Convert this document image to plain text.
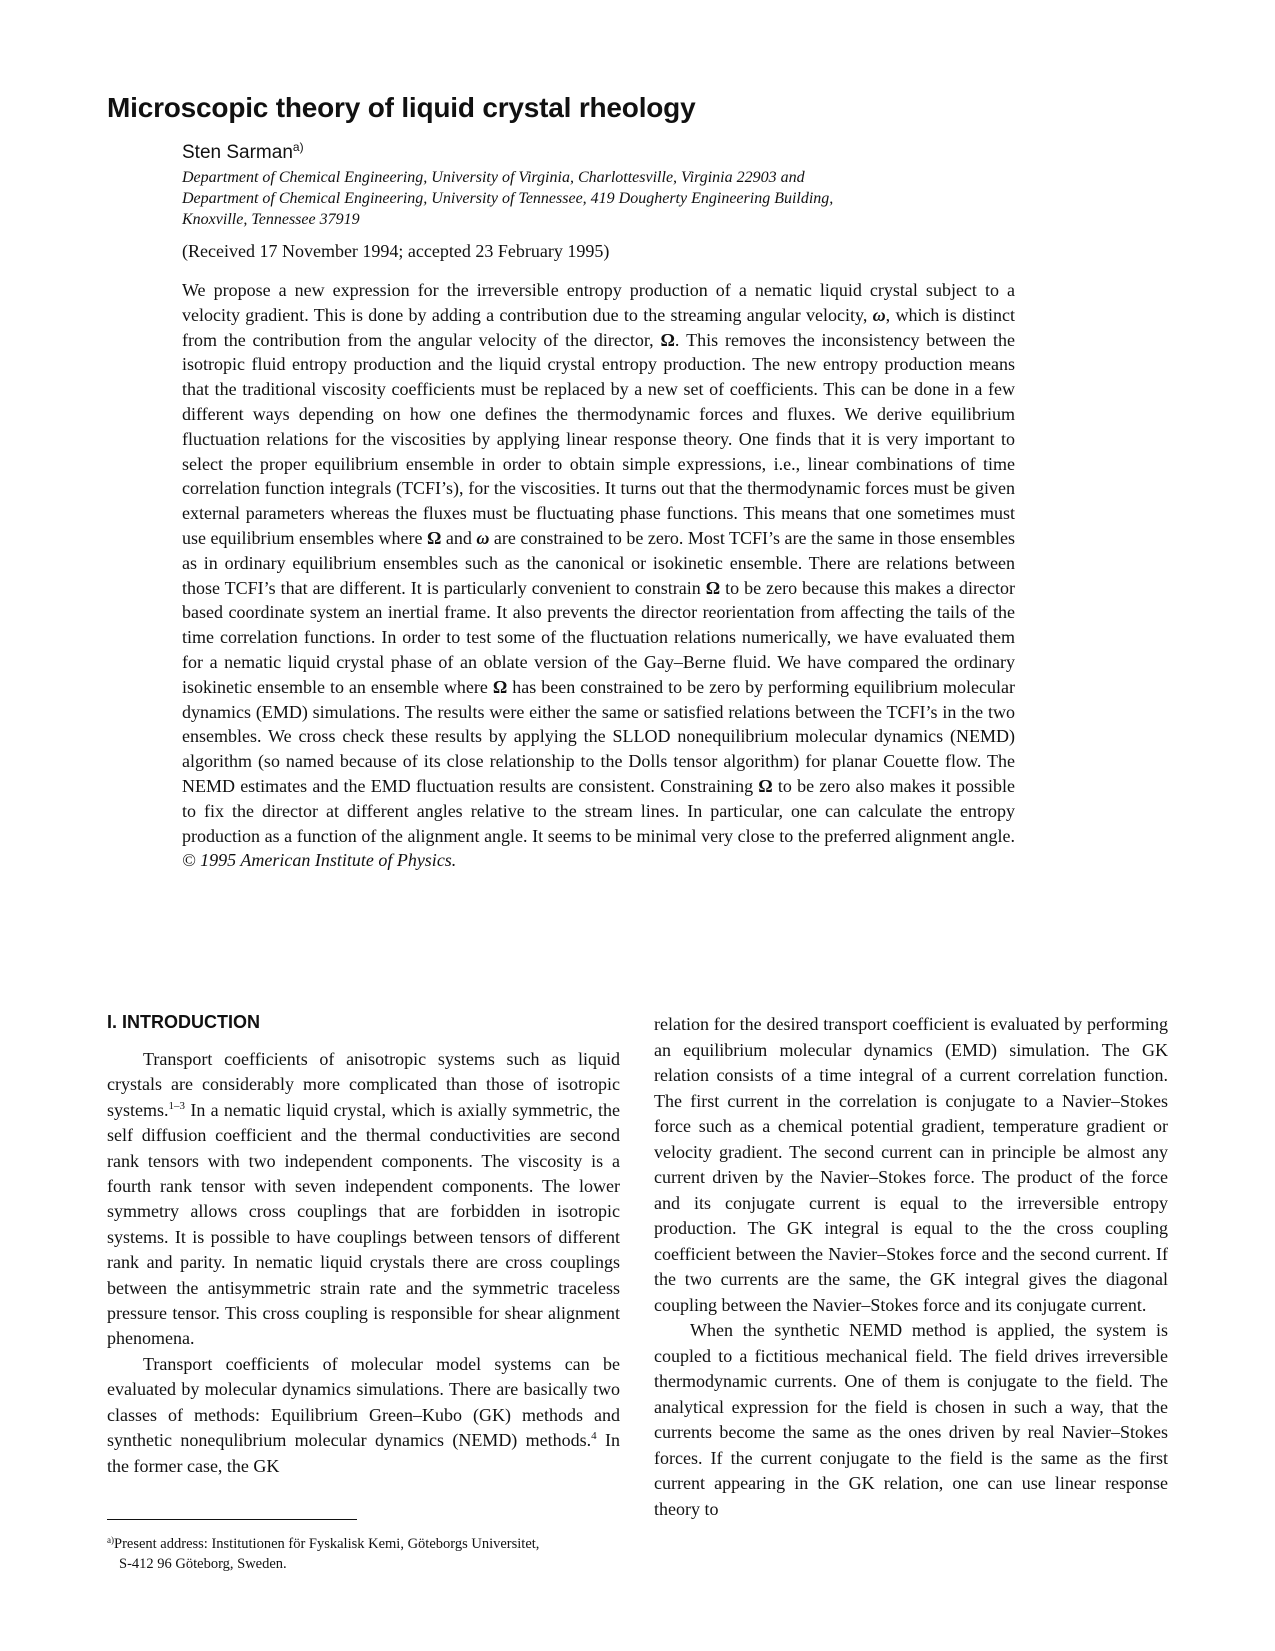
Microscopic theory of liquid crystal rheology
Sten Sarman$^{a)}$
Department of Chemical Engineering, University of Virginia, Charlottesville, Virginia 22903 and
Department of Chemical Engineering, University of Tennessee, 419 Dougherty Engineering Building,
Knoxville, Tennessee 37919
(Received 17 November 1994; accepted 23 February 1995)

We propose a new expression for the irreversible entropy production of a nematic liquid crystal subject to a velocity gradient. This is done by adding a contribution due to the streaming angular velocity, ω, which is distinct from the contribution from the angular velocity of the director, Ω. This removes the inconsistency between the isotropic fluid entropy production and the liquid crystal entropy production. The new entropy production means that the traditional viscosity coefficients must be replaced by a new set of coefficients. This can be done in a few different ways depending on how one defines the thermodynamic forces and fluxes. We derive equilibrium fluctuation relations for the viscosities by applying linear response theory. One finds that it is very important to select the proper equilibrium ensemble in order to obtain simple expressions, i.e., linear combinations of time correlation function integrals (TCFI’s), for the viscosities. It turns out that the thermodynamic forces must be given external parameters whereas the fluxes must be fluctuating phase functions. This means that one sometimes must use equilibrium ensembles where Ω and ω are constrained to be zero. Most TCFI’s are the same in those ensembles as in ordinary equilibrium ensembles such as the canonical or isokinetic ensemble. There are relations between those TCFI’s that are different. It is particularly convenient to constrain Ω to be zero because this makes a director based coordinate system an inertial frame. It also prevents the director reorientation from affecting the tails of the time correlation functions. In order to test some of the fluctuation relations numerically, we have evaluated them for a nematic liquid crystal phase of an oblate version of the Gay–Berne fluid. We have compared the ordinary isokinetic ensemble to an ensemble where Ω has been constrained to be zero by performing equilibrium molecular dynamics (EMD) simulations. The results were either the same or satisfied relations between the TCFI’s in the two ensembles. We cross check these results by applying the SLLOD nonequilibrium molecular dynamics (NEMD) algorithm (so named because of its close relationship to the Dolls tensor algorithm) for planar Couette flow. The NEMD estimates and the EMD fluctuation results are consistent. Constraining Ω to be zero also makes it possible to fix the director at different angles relative to the stream lines. In particular, one can calculate the entropy production as a function of the alignment angle. It seems to be minimal very close to the preferred alignment angle. © 1995 American Institute of Physics.

I. INTRODUCTION

Transport coefficients of anisotropic systems such as liquid crystals are considerably more complicated than those of isotropic systems.$^{1-3}$ In a nematic liquid crystal, which is axially symmetric, the self diffusion coefficient and the thermal conductivities are second rank tensors with two independent components. The viscosity is a fourth rank tensor with seven independent components. The lower symmetry allows cross couplings that are forbidden in isotropic systems. It is possible to have couplings between tensors of different rank and parity. In nematic liquid crystals there are cross couplings between the antisymmetric strain rate and the symmetric traceless pressure tensor. This cross coupling is responsible for shear alignment phenomena.

Transport coefficients of molecular model systems can be evaluated by molecular dynamics simulations. There are basically two classes of methods: Equilibrium Green–Kubo (GK) methods and synthetic nonequlibrium molecular dynamics (NEMD) methods.$^4$ In the former case, the GK

relation for the desired transport coefficient is evaluated by performing an equilibrium molecular dynamics (EMD) simulation. The GK relation consists of a time integral of a current correlation function. The first current in the correlation is conjugate to a Navier–Stokes force such as a chemical potential gradient, temperature gradient or velocity gradient. The second current can in principle be almost any current driven by the Navier–Stokes force. The product of the force and its conjugate current is equal to the irreversible entropy production. The GK integral is equal to the the cross coupling coefficient between the Navier–Stokes force and the second current. If the two currents are the same, the GK integral gives the diagonal coupling between the Navier–Stokes force and its conjugate current.

When the synthetic NEMD method is applied, the system is coupled to a fictitious mechanical field. The field drives irreversible thermodynamic currents. One of them is conjugate to the field. The analytical expression for the field is chosen in such a way, that the currents become the same as the ones driven by real Navier–Stokes forces. If the current conjugate to the field is the same as the first current appearing in the GK relation, one can use linear response theory to

$^{a)}$Present address: Institutionen för Fyskalisk Kemi, Göteborgs Universitet,
S-412 96 Göteborg, Sweden.
